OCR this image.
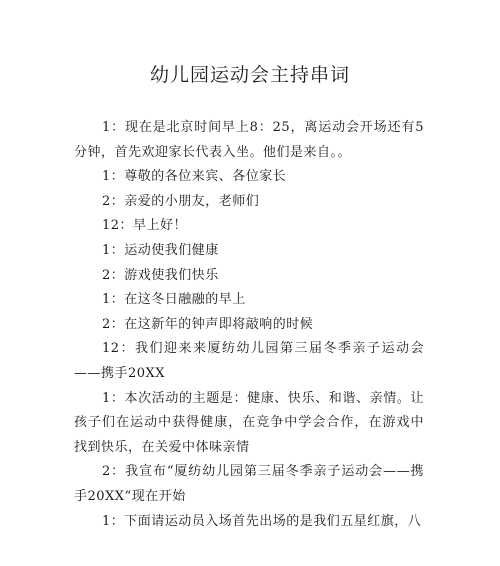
幼儿园运动会主持串词

1：现在是北京时间早上8：25，离运动会开场还有5分钟，首先欢迎家长代表入坐。他们是来自。。

1：尊敬的各位来宾、各位家长

2：亲爱的小朋友，老师们

12：早上好！

1：运动使我们健康

2：游戏使我们快乐

1：在这冬日融融的早上

2：在这新年的钟声即将敲响的时候

12：我们迎来来厦纺幼儿园第三届冬季亲子运动会——携手20XX

1：本次活动的主题是：健康、快乐、和谐、亲情。让孩子们在运动中获得健康，在竞争中学会合作，在游戏中找到快乐，在关爱中体味亲情

2：我宣布“厦纺幼儿园第三届冬季亲子运动会——携手20XX“现在开始

1：下面请运动员入场首先出场的是我们五星红旗，八
